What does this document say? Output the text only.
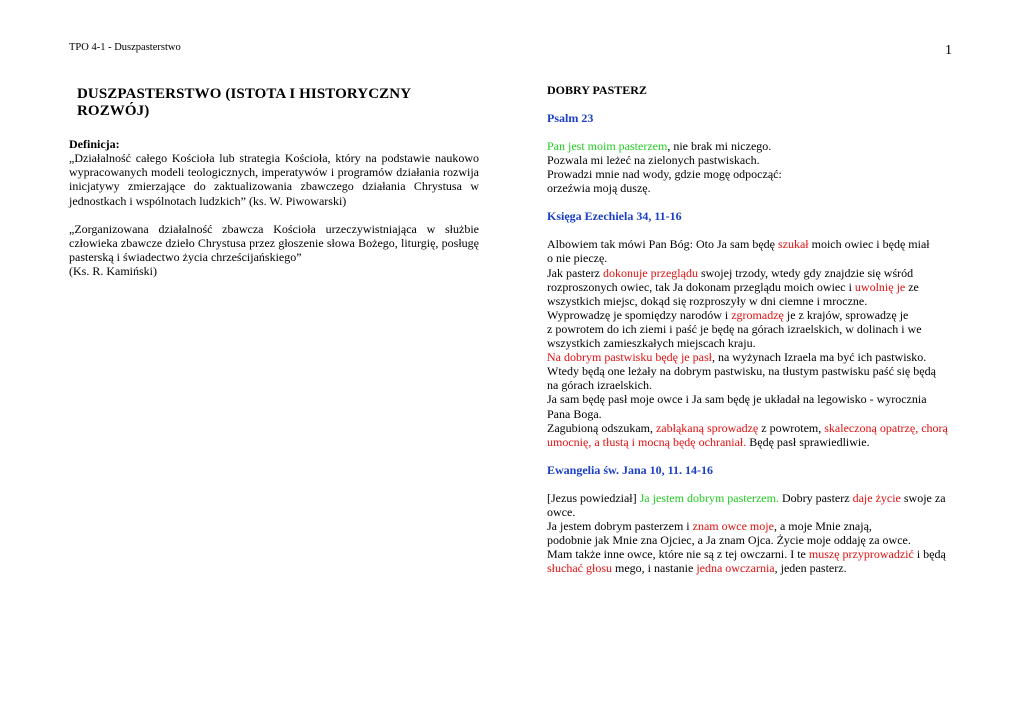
TPO 4-1 - Duszpasterstwo	1
DUSZPASTERSTWO (ISTOTA I HISTORYCZNY ROZWÓJ)
Definicja:
„Działalność całego Kościoła lub strategia Kościoła, który na podstawie naukowo wypracowanych modeli teologicznych, imperatywów i programów działania rozwija inicjatywy zmierzające do zaktualizowania zbawczego działania Chrystusa w jednostkach i wspólnotach ludzkich” (ks. W. Piwowarski)
„Zorganizowana działalność zbawcza Kościoła urzeczywistniająca w służbie człowieka zbawcze dzieło Chrystusa przez głoszenie słowa Bożego, liturgię, posługę pasterską i świadectwo życia chrześcijańskiego”
(Ks. R. Kamiński)
DOBRY PASTERZ
Psalm 23
Pan jest moim pasterzem, nie brak mi niczego.
Pozwala mi leżeć na zielonych pastwiskach.
Prowadzi mnie nad wody, gdzie mogę odpocząć:
orzeźwia moją duszę.
Księga Ezechiela 34, 11-16
Albowiem tak mówi Pan Bóg: Oto Ja sam będę szukał moich owiec i będę miał
o nie pieczę.
Jak pasterz dokonuje przeglądu swojej trzody, wtedy gdy znajdzie się wśród
rozproszonych owiec, tak Ja dokonam przeglądu moich owiec i uwolnię je ze
wszystkich miejsc, dokąd się rozproszyły w dni ciemne i mroczne.
Wyprowadzę je spomiędzy narodów i zgromadzę je z krajów, sprowadzę je
z powrotem do ich ziemi i paść je będę na górach izraelskich, w dolinach i we
wszystkich zamieszkałych miejscach kraju.
Na dobrym pastwisku będę je pasł, na wyżynach Izraela ma być ich pastwisko.
Wtedy będą one leżały na dobrym pastwisku, na tłustym pastwisku paść się będą
na górach izraelskich.
Ja sam będę pasł moje owce i Ja sam będę je układał na legowisko - wyrocznia
Pana Boga.
Zagubioną odszukam, zabłąkaną sprowadzę z powrotem, skaleczoną opatrzę, chorą
umocnię, a tłustą i mocną będę ochraniał. Będę pasł sprawiedliwie.
Ewangelia św. Jana 10, 11. 14-16
[Jezus powiedział] Ja jestem dobrym pasterzem. Dobry pasterz daje życie swoje za
owce.
Ja jestem dobrym pasterzem i znam owce moje, a moje Mnie znają,
podobnie jak Mnie zna Ojciec, a Ja znam Ojca. Życie moje oddaję za owce.
Mam także inne owce, które nie są z tej owczarni. I te muszę przyprowadzić i będą
słuchać głosu mego, i nastanie jedna owczarnia, jeden pasterz.
